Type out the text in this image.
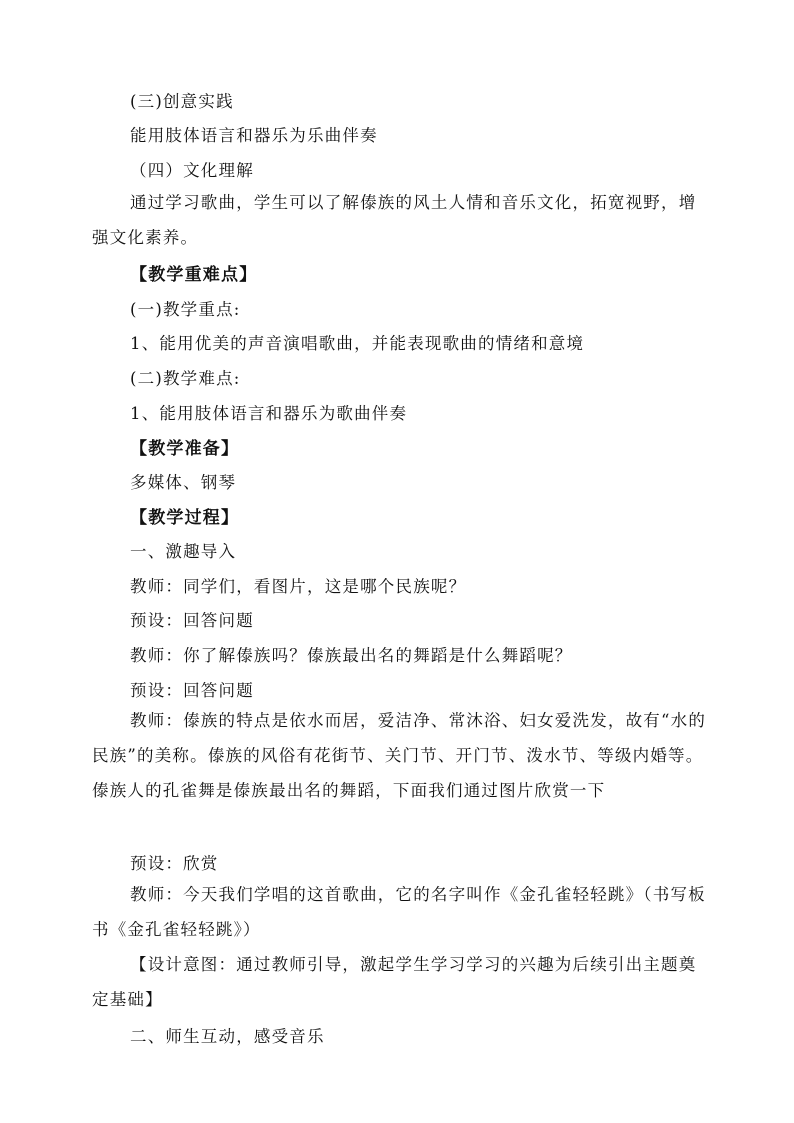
(三)创意实践
能用肢体语言和器乐为乐曲伴奏
（四）文化理解
通过学习歌曲，学生可以了解傣族的风土人情和音乐文化，拓宽视野，增强文化素养。
【教学重难点】
(一)教学重点:
1、能用优美的声音演唱歌曲，并能表现歌曲的情绪和意境
(二)教学难点:
1、能用肢体语言和器乐为歌曲伴奏
【教学准备】
多媒体、钢琴
【教学过程】
一、激趣导入
教师：同学们，看图片，这是哪个民族呢？
预设：回答问题
教师：你了解傣族吗？傣族最出名的舞蹈是什么舞蹈呢？
预设：回答问题
教师：傣族的特点是依水而居，爱洁净、常沐浴、妇女爱洗发，故有“水的民族”的美称。傣族的风俗有花街节、关门节、开门节、泼水节、等级内婚等。傣族人的孔雀舞是傣族最出名的舞蹈，下面我们通过图片欣赏一下
预设：欣赏
教师：今天我们学唱的这首歌曲，它的名字叫作《金孔雀轻轻跳》（书写板书《金孔雀轻轻跳》）
【设计意图：通过教师引导，激起学生学习学习的兴趣为后续引出主题奠定基础】
二、师生互动，感受音乐
